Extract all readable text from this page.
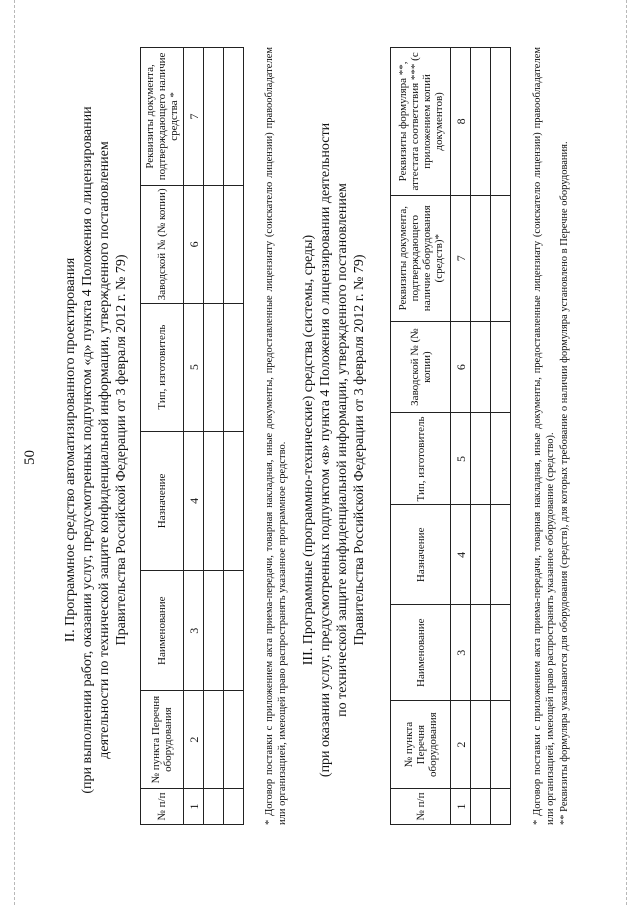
50 II. Программное средство автоматизированного проектирования (при выполнении работ, оказании услуг, предусмотренных подпунктом «д» пункта 4 Положения о лицензировании деятельности по технической защите конфиденциальной информации, утвержденного постановлением Правительства Российской Федерации от 3 февраля 2012 г. № 79)
№ п/п	№ пункта Перечня оборудования	Наименование	Назначение	Тип, изготовитель	Заводской № (№ копии)	Реквизиты документа, подтверждающего наличие средства *
1	2	3	4	5	6	7

							* Договор поставки с приложением акта приема-передачи, товарная накладная, иные документы, предоставленные лицензиату (соискателю лицензии) правообладателем или организацией, имеющей право распространять указанное программное средство. III. Программные (программно-технические) средства (системы, среды) (при оказании услуг, предусмотренных подпунктом «в» пункта 4 Положения о лицензировании деятельности по технической защите конфиденциальной информации, утвержденного постановлением Правительства Российской Федерации от 3 февраля 2012 г. № 79)
№ п/п	№ пункта Перечня оборудования	Наименование	Назначение	Тип, изготовитель	Заводской № (№ копии)	Реквизиты документа, подтверждающего наличие оборудования (средств)*	Реквизиты формуляра **, аттестата соответствия *** (с приложением копий документов)
1	2	3	4	5	6	7	8

								* Договор поставки с приложением акта приема-передачи, товарная накладная, иные документы, предоставленные лицензиату (соискателю лицензии) правообладателем или организацией, имеющей право распространять указанное оборудование (средство). ** Реквизиты формуляра указываются для оборудования (средств), для которых требование о наличии формуляра установлено в Перечне оборудования.
